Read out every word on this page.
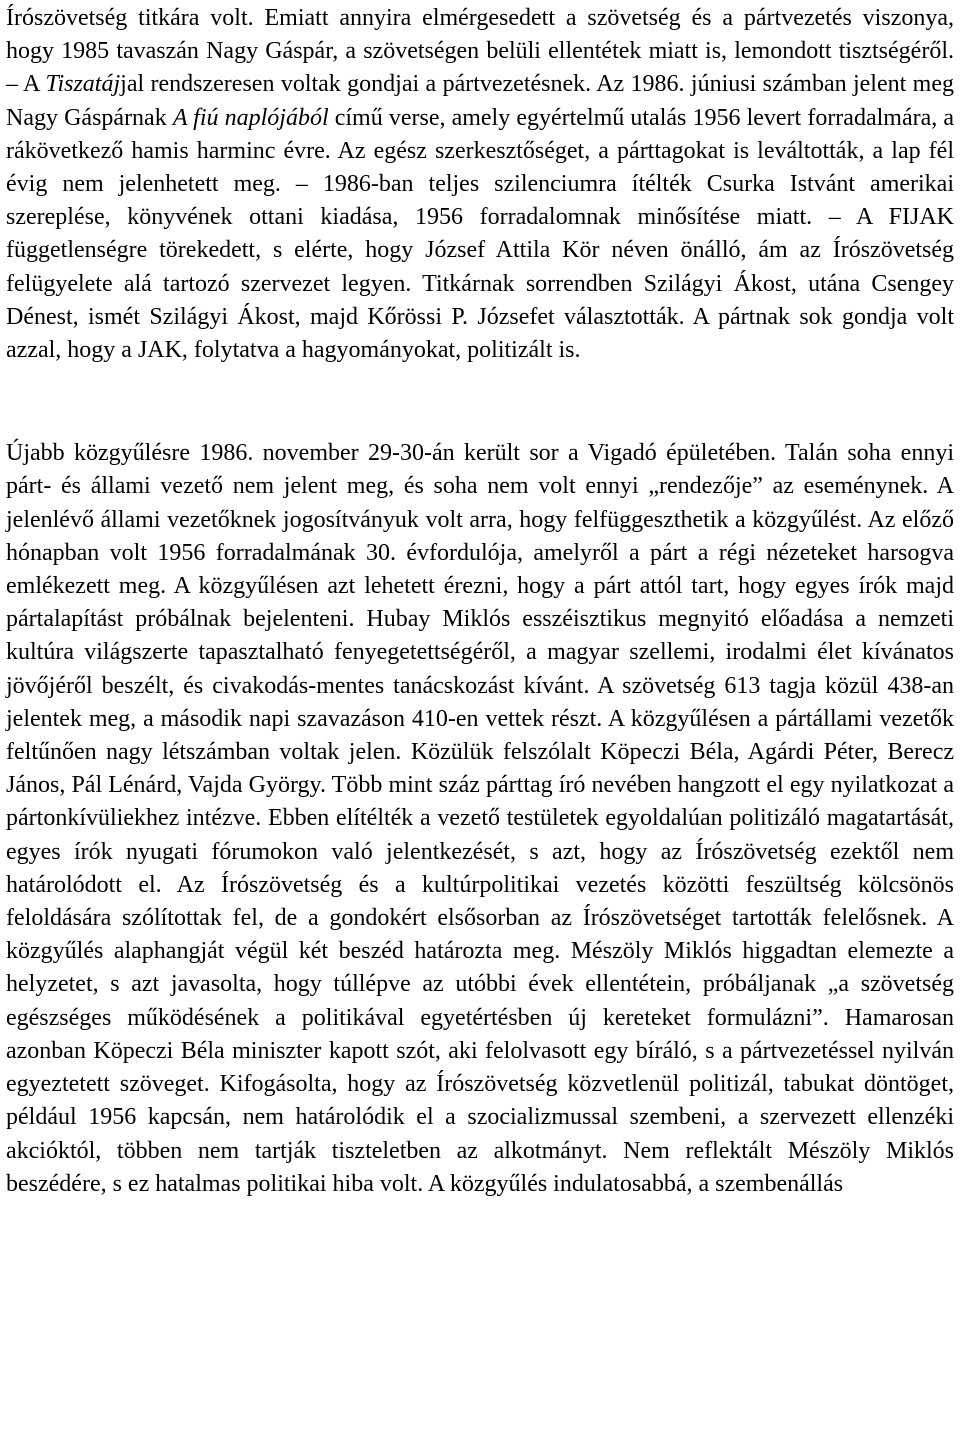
Írószövetség titkára volt. Emiatt annyira elmérgesedett a szövetség és a pártvezetés viszonya, hogy 1985 tavaszán Nagy Gáspár, a szövetségen belüli ellentétek miatt is, lemondott tisztségéről. – A Tiszatájjal rendszeresen voltak gondjai a pártvezetésnek. Az 1986. júniusi számban jelent meg Nagy Gáspárnak A fiú naplójából című verse, amely egyértelmű utalás 1956 levert forradalmára, a rákövetkező hamis harminc évre. Az egész szerkesztőséget, a párttagokat is leváltották, a lap fél évig nem jelenhetett meg. – 1986-ban teljes szilenciumra ítélték Csurka Istvánt amerikai szereplése, könyvének ottani kiadása, 1956 forradalomnak minősítése miatt. – A FIJAK függetlenségre törekedett, s elérte, hogy József Attila Kör néven önálló, ám az Írószövetség felügyelete alá tartozó szervezet legyen. Titkárnak sorrendben Szilágyi Ákost, utána Csengey Dénest, ismét Szilágyi Ákost, majd Kőrössi P. Józsefet választották. A pártnak sok gondja volt azzal, hogy a JAK, folytatva a hagyományokat, politizált is.

Újabb közgyűlésre 1986. november 29-30-án került sor a Vigadó épületében. Talán soha ennyi párt- és állami vezető nem jelent meg, és soha nem volt ennyi „rendezője” az eseménynek. A jelenlévő állami vezetőknek jogosítványuk volt arra, hogy felfüggeszthetik a közgyűlést. Az előző hónapban volt 1956 forradalmának 30. évfordulója, amelyről a párt a régi nézeteket harsogva emlékezett meg. A közgyűlésen azt lehetett érezni, hogy a párt attól tart, hogy egyes írók majd pártalapítást próbálnak bejelenteni. Hubay Miklós esszéisztikus megnyitó előadása a nemzeti kultúra világszerte tapasztalható fenyegetettségéről, a magyar szellemi, irodalmi élet kívánatos jövőjéről beszélt, és civakodás-mentes tanácskozást kívánt. A szövetség 613 tagja közül 438-an jelentek meg, a második napi szavazáson 410-en vettek részt. A közgyűlésen a pártállami vezetők feltűnően nagy létszámban voltak jelen. Közülük felszólalt Köpeczi Béla, Agárdi Péter, Berecz János, Pál Lénárd, Vajda György. Több mint száz párttag író nevében hangzott el egy nyilatkozat a pártonkívüliekhez intézve. Ebben elítélték a vezető testületek egyoldalúan politizáló magatartását, egyes írók nyugati fórumokon való jelentkezését, s azt, hogy az Írószövetség ezektől nem határolódott el. Az Írószövetség és a kultúrpolitikai vezetés közötti feszültség kölcsönös feloldására szólítottak fel, de a gondokért elsősorban az Írószövetséget tartották felelősnek. A közgyűlés alaphangját végül két beszéd határozta meg. Mészöly Miklós higgadtan elemezte a helyzetet, s azt javasolta, hogy túllépve az utóbbi évek ellentétein, próbáljanak „a szövetség egészséges működésének a politikával egyetértésben új kereteket formulázni”. Hamarosan azonban Köpeczi Béla miniszter kapott szót, aki felolvasott egy bíráló, s a pártvezetéssel nyilván egyeztetett szöveget. Kifogásolta, hogy az Írószövetség közvetlenül politizál, tabukat döntöget, például 1956 kapcsán, nem határolódik el a szocializmussal szembeni, a szervezett ellenzéki akcióktól, többen nem tartják tiszteletben az alkotmányt. Nem reflektált Mészöly Miklós beszédére, s ez hatalmas politikai hiba volt. A közgyűlés indulatosabbá, a szembenállás
